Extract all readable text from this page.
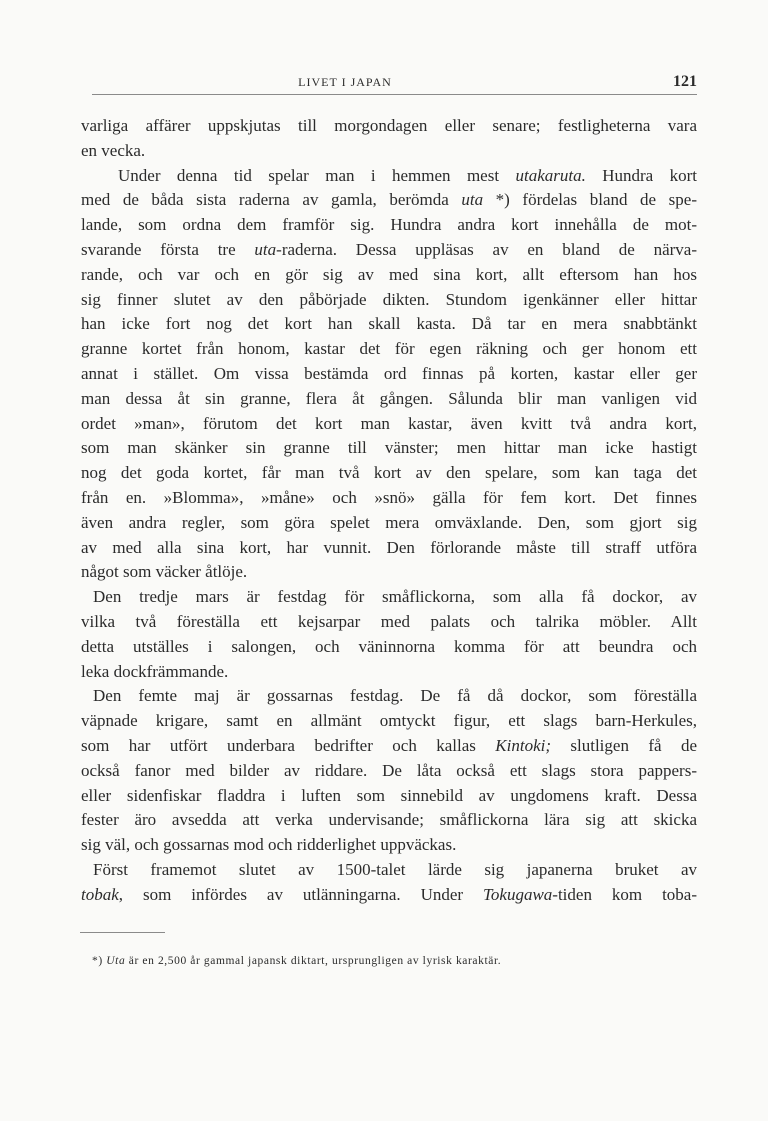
LIVET I JAPAN	121
varliga affärer uppskjutas till morgondagen eller senare; festligheterna vara
en vecka.
Under denna tid spelar man i hemmen mest utakaruta. Hundra kort
med de båda sista raderna av gamla, berömda uta *) fördelas bland de spe-
lande, som ordna dem framför sig. Hundra andra kort innehålla de mot-
svarande första tre uta-raderna. Dessa uppläsas av en bland de närva-
rande, och var och en gör sig av med sina kort, allt eftersom han hos
sig finner slutet av den påbörjade dikten. Stundom igenkänner eller hittar
han icke fort nog det kort han skall kasta. Då tar en mera snabbtänkt
granne kortet från honom, kastar det för egen räkning och ger honom ett
annat i stället. Om vissa bestämda ord finnas på korten, kastar eller ger
man dessa åt sin granne, flera åt gången. Sålunda blir man vanligen vid
ordet »man», förutom det kort man kastar, även kvitt två andra kort,
som man skänker sin granne till vänster; men hittar man icke hastigt
nog det goda kortet, får man två kort av den spelare, som kan taga det
från en. »Blomma», »måne» och »snö» gälla för fem kort. Det finnes
även andra regler, som göra spelet mera omväxlande. Den, som gjort sig
av med alla sina kort, har vunnit. Den förlorande måste till straff utföra
något som väcker åtlöje.
Den tredje mars är festdag för småflickorna, som alla få dockor, av
vilka två föreställa ett kejsarpar med palats och talrika möbler. Allt
detta utställes i salongen, och väninnorna komma för att beundra och
leka dockfrämmande.
Den femte maj är gossarnas festdag. De få då dockor, som föreställa
väpnade krigare, samt en allmänt omtyckt figur, ett slags barn-Herkules,
som har utfört underbara bedrifter och kallas Kintoki; slutligen få de
också fanor med bilder av riddare. De låta också ett slags stora pappers-
eller sidenfiskar fladdra i luften som sinnebild av ungdomens kraft. Dessa
fester äro avsedda att verka undervisande; småflickorna lära sig att skicka
sig väl, och gossarnas mod och ridderlighet uppväckas.
Först framemot slutet av 1500-talet lärde sig japanerna bruket av
tobak, som infördes av utlänningarna. Under Tokugawa-tiden kom toba-
*) Uta är en 2,500 år gammal japansk diktart, ursprungligen av lyrisk karaktär.
